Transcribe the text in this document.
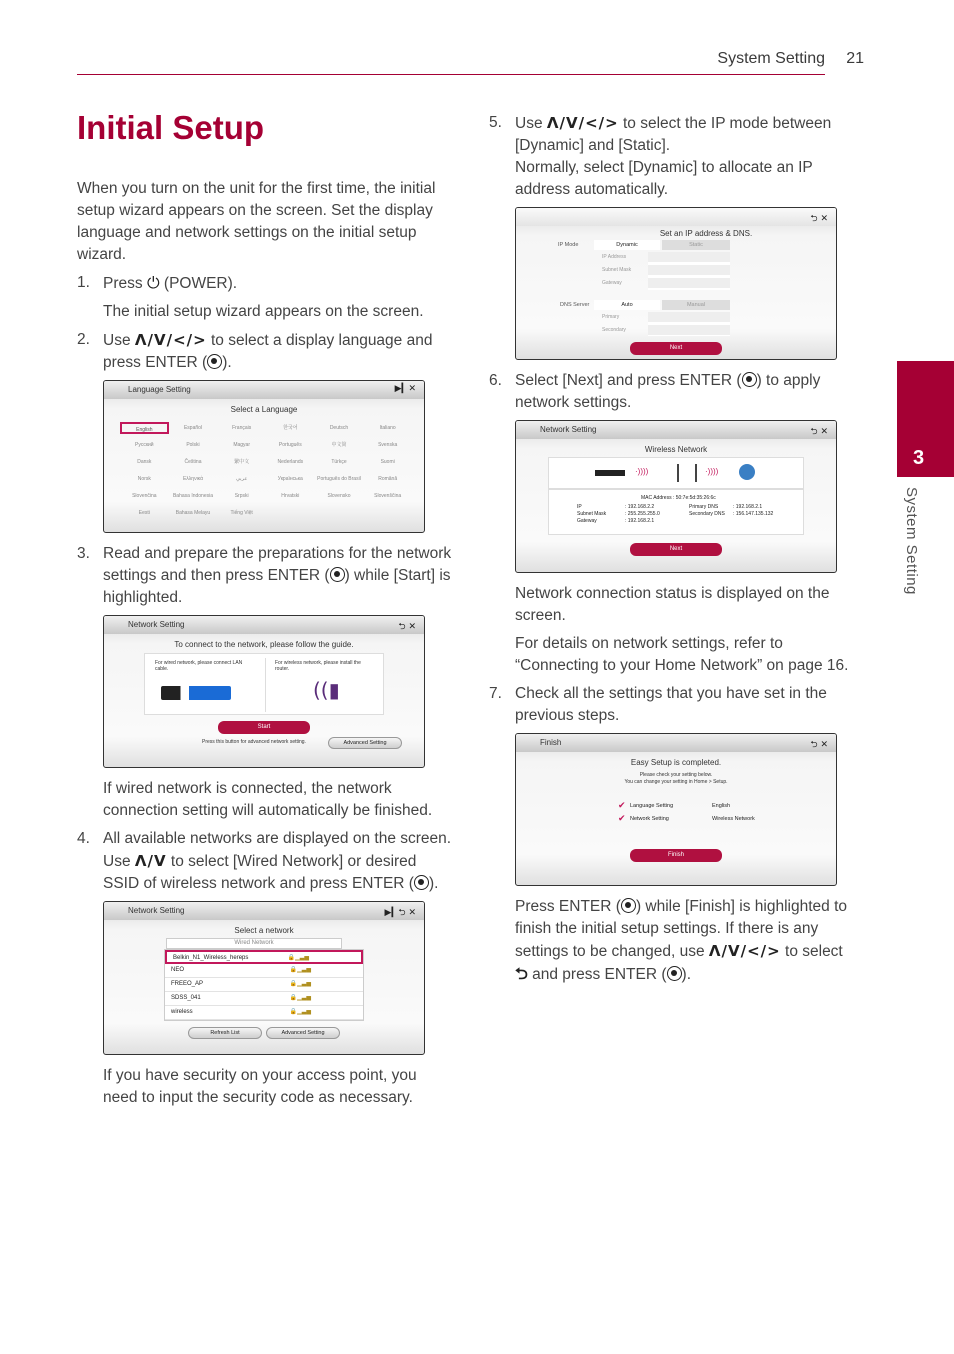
System Setting 21
3
System Setting
Initial Setup

When you turn on the unit for the first time, the initial setup wizard appears on the screen. Set the display language and network settings on the initial setup wizard.

1. Press ⏻ (POWER).
The initial setup wizard appears on the screen.
2. Use Λ/V/</> to select a display language and press ENTER ( ).
Language Setting	▶▎✕
Select a Language
English	Español	Français	한국어	Deutsch	Italiano
Русский	Polski	Magyar	Português	中文简	Svenska
Dansk	Čeština	繁中文	Nederlands	Türkçe	Suomi
Norsk	Ελληνικά	عربي	Українська	Português do Brasil	Română
Slovenčina	Bahasa Indonesia	Srpski	Hrvatski	Slovensko	Slovenščina
Eesti	Bahasa Melayu	Tiếng Việt
3. Read and prepare the preparations for the network settings and then press ENTER ( ) while [Start] is highlighted.
Network Setting	⮌ ✕
To connect to the network, please follow the guide.
For wired network, please connect LAN cable.
For wireless network, please install the router.
((▮
Start
Press this button for advanced network setting.	Advanced Setting
If wired network is connected, the network connection setting will automatically be finished.
4. All available networks are displayed on the screen. Use Λ/V to select [Wired Network] or desired SSID of wireless network and press ENTER ( ).
Network Setting	▶▎⮌ ✕
Select a network
Wired Network
Belkin_N1_Wireless_hereps	🔒▁▃▅
NEO	🔒▁▃▅
FREEO_AP	🔒▁▃▅
SDSS_041	🔒▁▃▅
wireless	🔒▁▃▅
Refresh List	Advanced Setting
If you have security on your access point, you need to input the security code as necessary.
5. Use Λ/V/</> to select the IP mode between [Dynamic] and [Static].
Normally, select [Dynamic] to allocate an IP address automatically.
⮌ ✕
Set an IP address & DNS.
IP Mode	Dynamic	Static
IP Address
Subnet Mask
Gateway
DNS Server	Auto	Manual
Primary
Secondary
Next
6. Select [Next] and press ENTER ( ) to apply network settings.
Network Setting	⮌ ✕
Wireless Network
·))))	·))))
MAC Address : 50:7e:5d:35:26:6c
IP	: 192.168.2.2
Subnet Mask	: 255.255.255.0
Gateway	: 192.168.2.1
Primary DNS	: 192.168.2.1
Secondary DNS : 156.147.135.132
Next
Network connection status is displayed on the screen.
For details on network settings, refer to “Connecting to your Home Network” on page 16.
7. Check all the settings that you have set in the previous steps.
Finish	⮌ ✕
Easy Setup is completed.
Please check your setting below.
You can change your setting in Home > Setup.
✔ Language Setting	English
✔ Network Setting	Wireless Network
Finish
Press ENTER ( ) while [Finish] is highlighted to finish the initial setup settings. If there is any settings to be changed, use Λ/V/</> to select ⮌ and press ENTER ( ).
